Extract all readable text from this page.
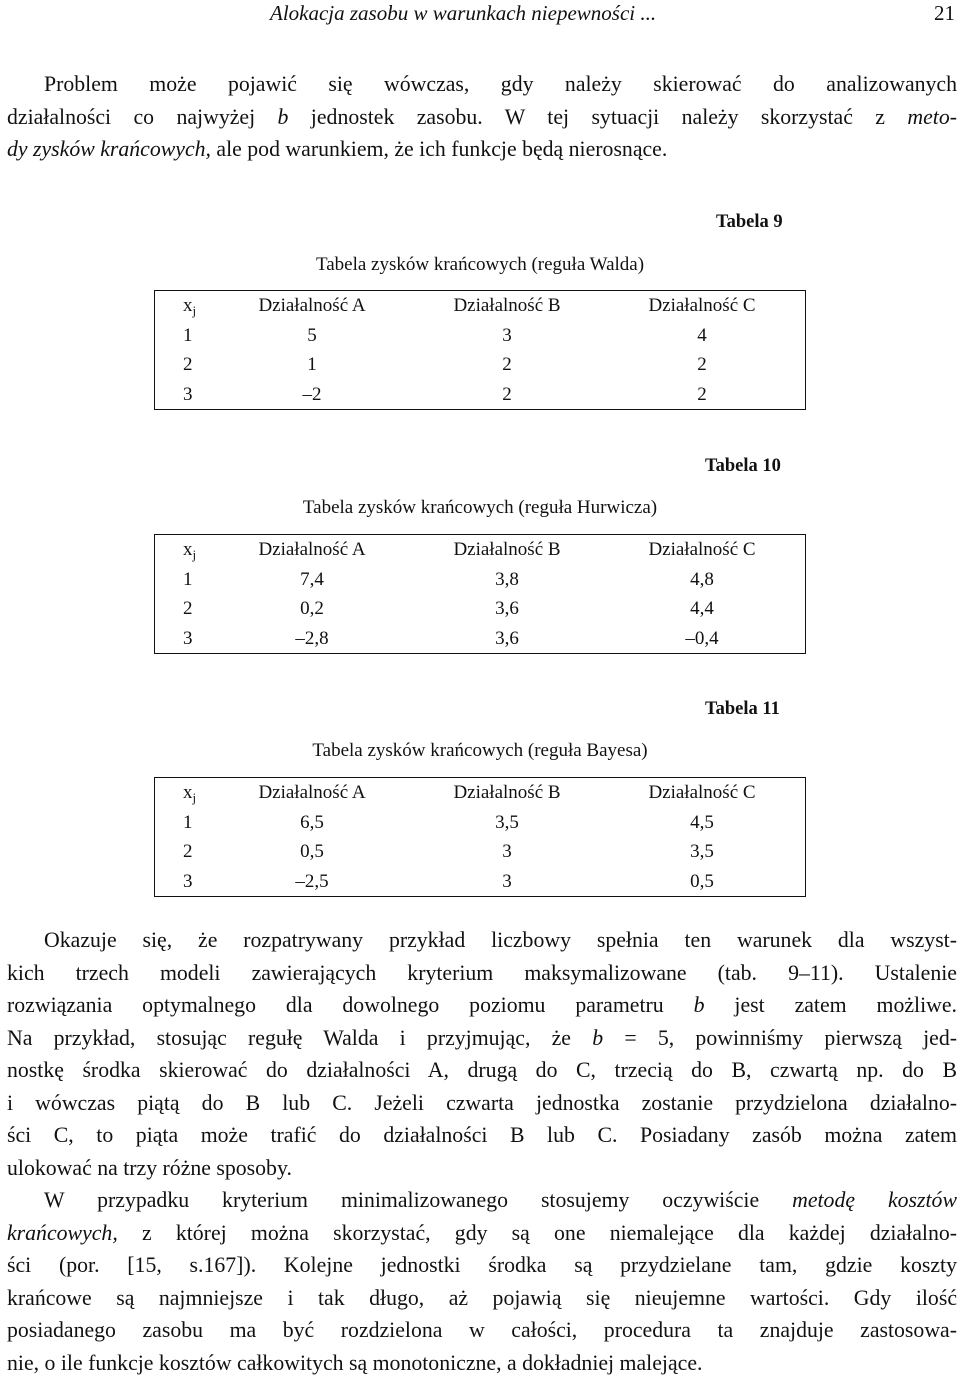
Alokacja zasobu w warunkach niepewności ...	21

Problem może pojawić się wówczas, gdy należy skierować do analizowanych
działalności co najwyżej b jednostek zasobu. W tej sytuacji należy skorzystać z meto-
dy zysków krańcowych, ale pod warunkiem, że ich funkcje będą nierosnące.

Tabela 9
Tabela zysków krańcowych (reguła Walda)
$x_j$	Działalność A	Działalność B	Działalność C
1	5	3	4
2	1	2	2
3	–2	2	2
Tabela 10
Tabela zysków krańcowych (reguła Hurwicza)
$x_j$	Działalność A	Działalność B	Działalność C
1	7,4	3,8	4,8
2	0,2	3,6	4,4
3	–2,8	3,6	–0,4
Tabela 11
Tabela zysków krańcowych (reguła Bayesa)
$x_j$	Działalność A	Działalność B	Działalność C
1	6,5	3,5	4,5
2	0,5	3	3,5
3	–2,5	3	0,5

Okazuje się, że rozpatrywany przykład liczbowy spełnia ten warunek dla wszyst-
kich trzech modeli zawierających kryterium maksymalizowane (tab. 9–11). Ustalenie
rozwiązania optymalnego dla dowolnego poziomu parametru b jest zatem możliwe.
Na przykład, stosując regułę Walda i przyjmując, że b = 5, powinniśmy pierwszą jed-
nostkę środka skierować do działalności A, drugą do C, trzecią do B, czwartą np. do B
i wówczas piątą do B lub C. Jeżeli czwarta jednostka zostanie przydzielona działalno-
ści C, to piąta może trafić do działalności B lub C. Posiadany zasób można zatem
ulokować na trzy różne sposoby.

W przypadku kryterium minimalizowanego stosujemy oczywiście metodę kosztów
krańcowych, z której można skorzystać, gdy są one niemalejące dla każdej działalno-
ści (por. [15, s.167]). Kolejne jednostki środka są przydzielane tam, gdzie koszty
krańcowe są najmniejsze i tak długo, aż pojawią się nieujemne wartości. Gdy ilość
posiadanego zasobu ma być rozdzielona w całości, procedura ta znajduje zastosowa-
nie, o ile funkcje kosztów całkowitych są monotoniczne, a dokładniej malejące.
